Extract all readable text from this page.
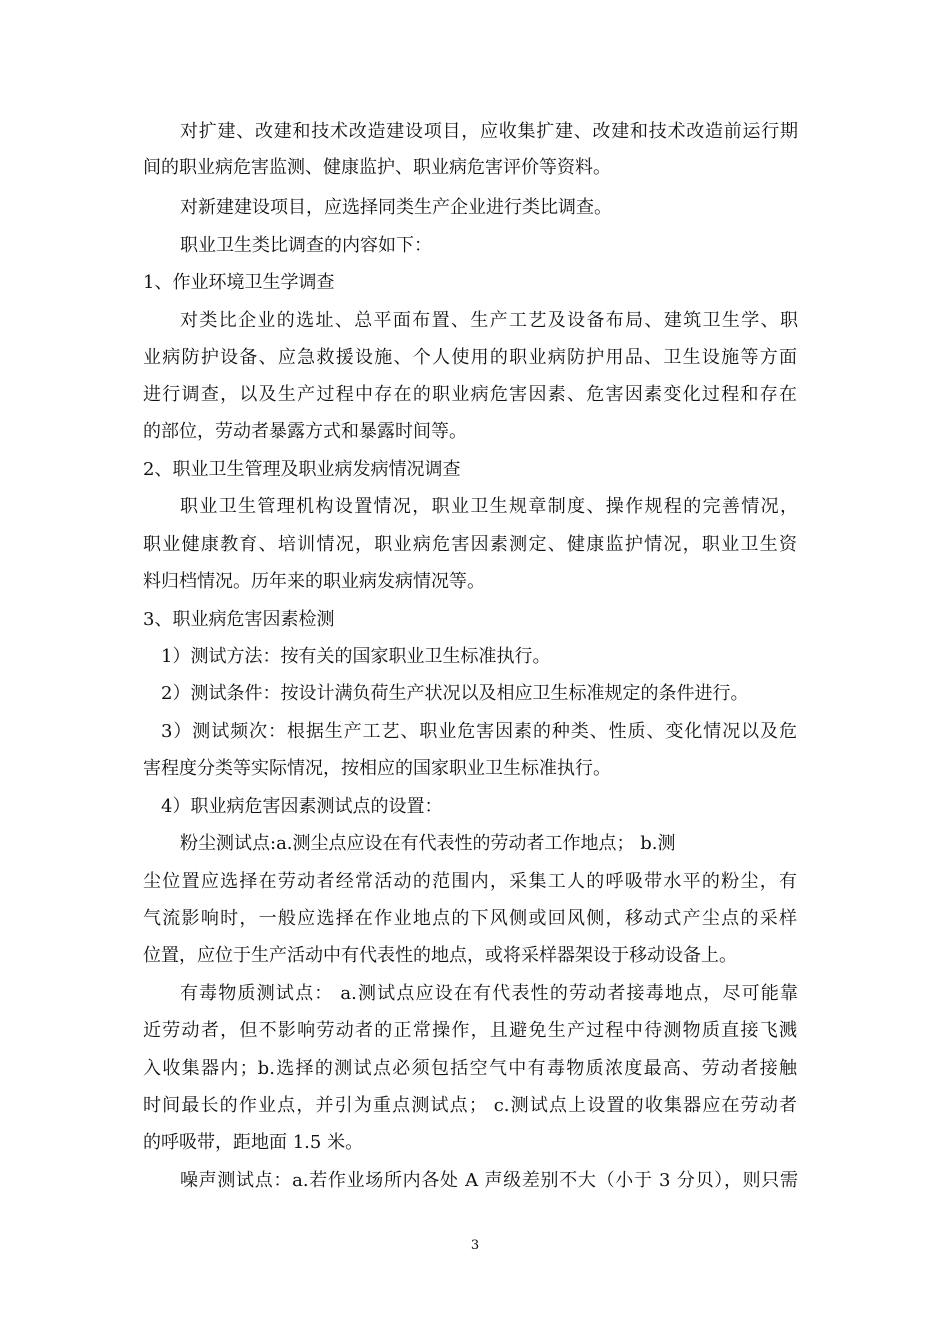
对扩建、改建和技术改造建设项目，应收集扩建、改建和技术改造前运行期
间的职业病危害监测、健康监护、职业病危害评价等资料。
对新建建设项目，应选择同类生产企业进行类比调查。
职业卫生类比调查的内容如下：
1、作业环境卫生学调查
对类比企业的选址、总平面布置、生产工艺及设备布局、建筑卫生学、职
业病防护设备、应急救援设施、个人使用的职业病防护用品、卫生设施等方面
进行调查，以及生产过程中存在的职业病危害因素、危害因素变化过程和存在
的部位，劳动者暴露方式和暴露时间等。
2、职业卫生管理及职业病发病情况调查
职业卫生管理机构设置情况，职业卫生规章制度、操作规程的完善情况，
职业健康教育、培训情况，职业病危害因素测定、健康监护情况，职业卫生资
料归档情况。历年来的职业病发病情况等。
3、职业病危害因素检测
1）测试方法：按有关的国家职业卫生标准执行。
2）测试条件：按设计满负荷生产状况以及相应卫生标准规定的条件进行。
3）测试频次：根据生产工艺、职业危害因素的种类、性质、变化情况以及危
害程度分类等实际情况，按相应的国家职业卫生标准执行。
4）职业病危害因素测试点的设置：
粉尘测试点:a.测尘点应设在有代表性的劳动者工作地点； b.测
尘位置应选择在劳动者经常活动的范围内，采集工人的呼吸带水平的粉尘，有
气流影响时，一般应选择在作业地点的下风侧或回风侧，移动式产尘点的采样
位置，应位于生产活动中有代表性的地点，或将采样器架设于移动设备上。
有毒物质测试点： a.测试点应设在有代表性的劳动者接毒地点，尽可能靠
近劳动者，但不影响劳动者的正常操作，且避免生产过程中待测物质直接飞溅
入收集器内；b.选择的测试点必须包括空气中有毒物质浓度最高、劳动者接触
时间最长的作业点，并引为重点测试点； c.测试点上设置的收集器应在劳动者
的呼吸带，距地面 1.5 米。
噪声测试点：a.若作业场所内各处 A 声级差别不大（小于 3 分贝），则只需
3
